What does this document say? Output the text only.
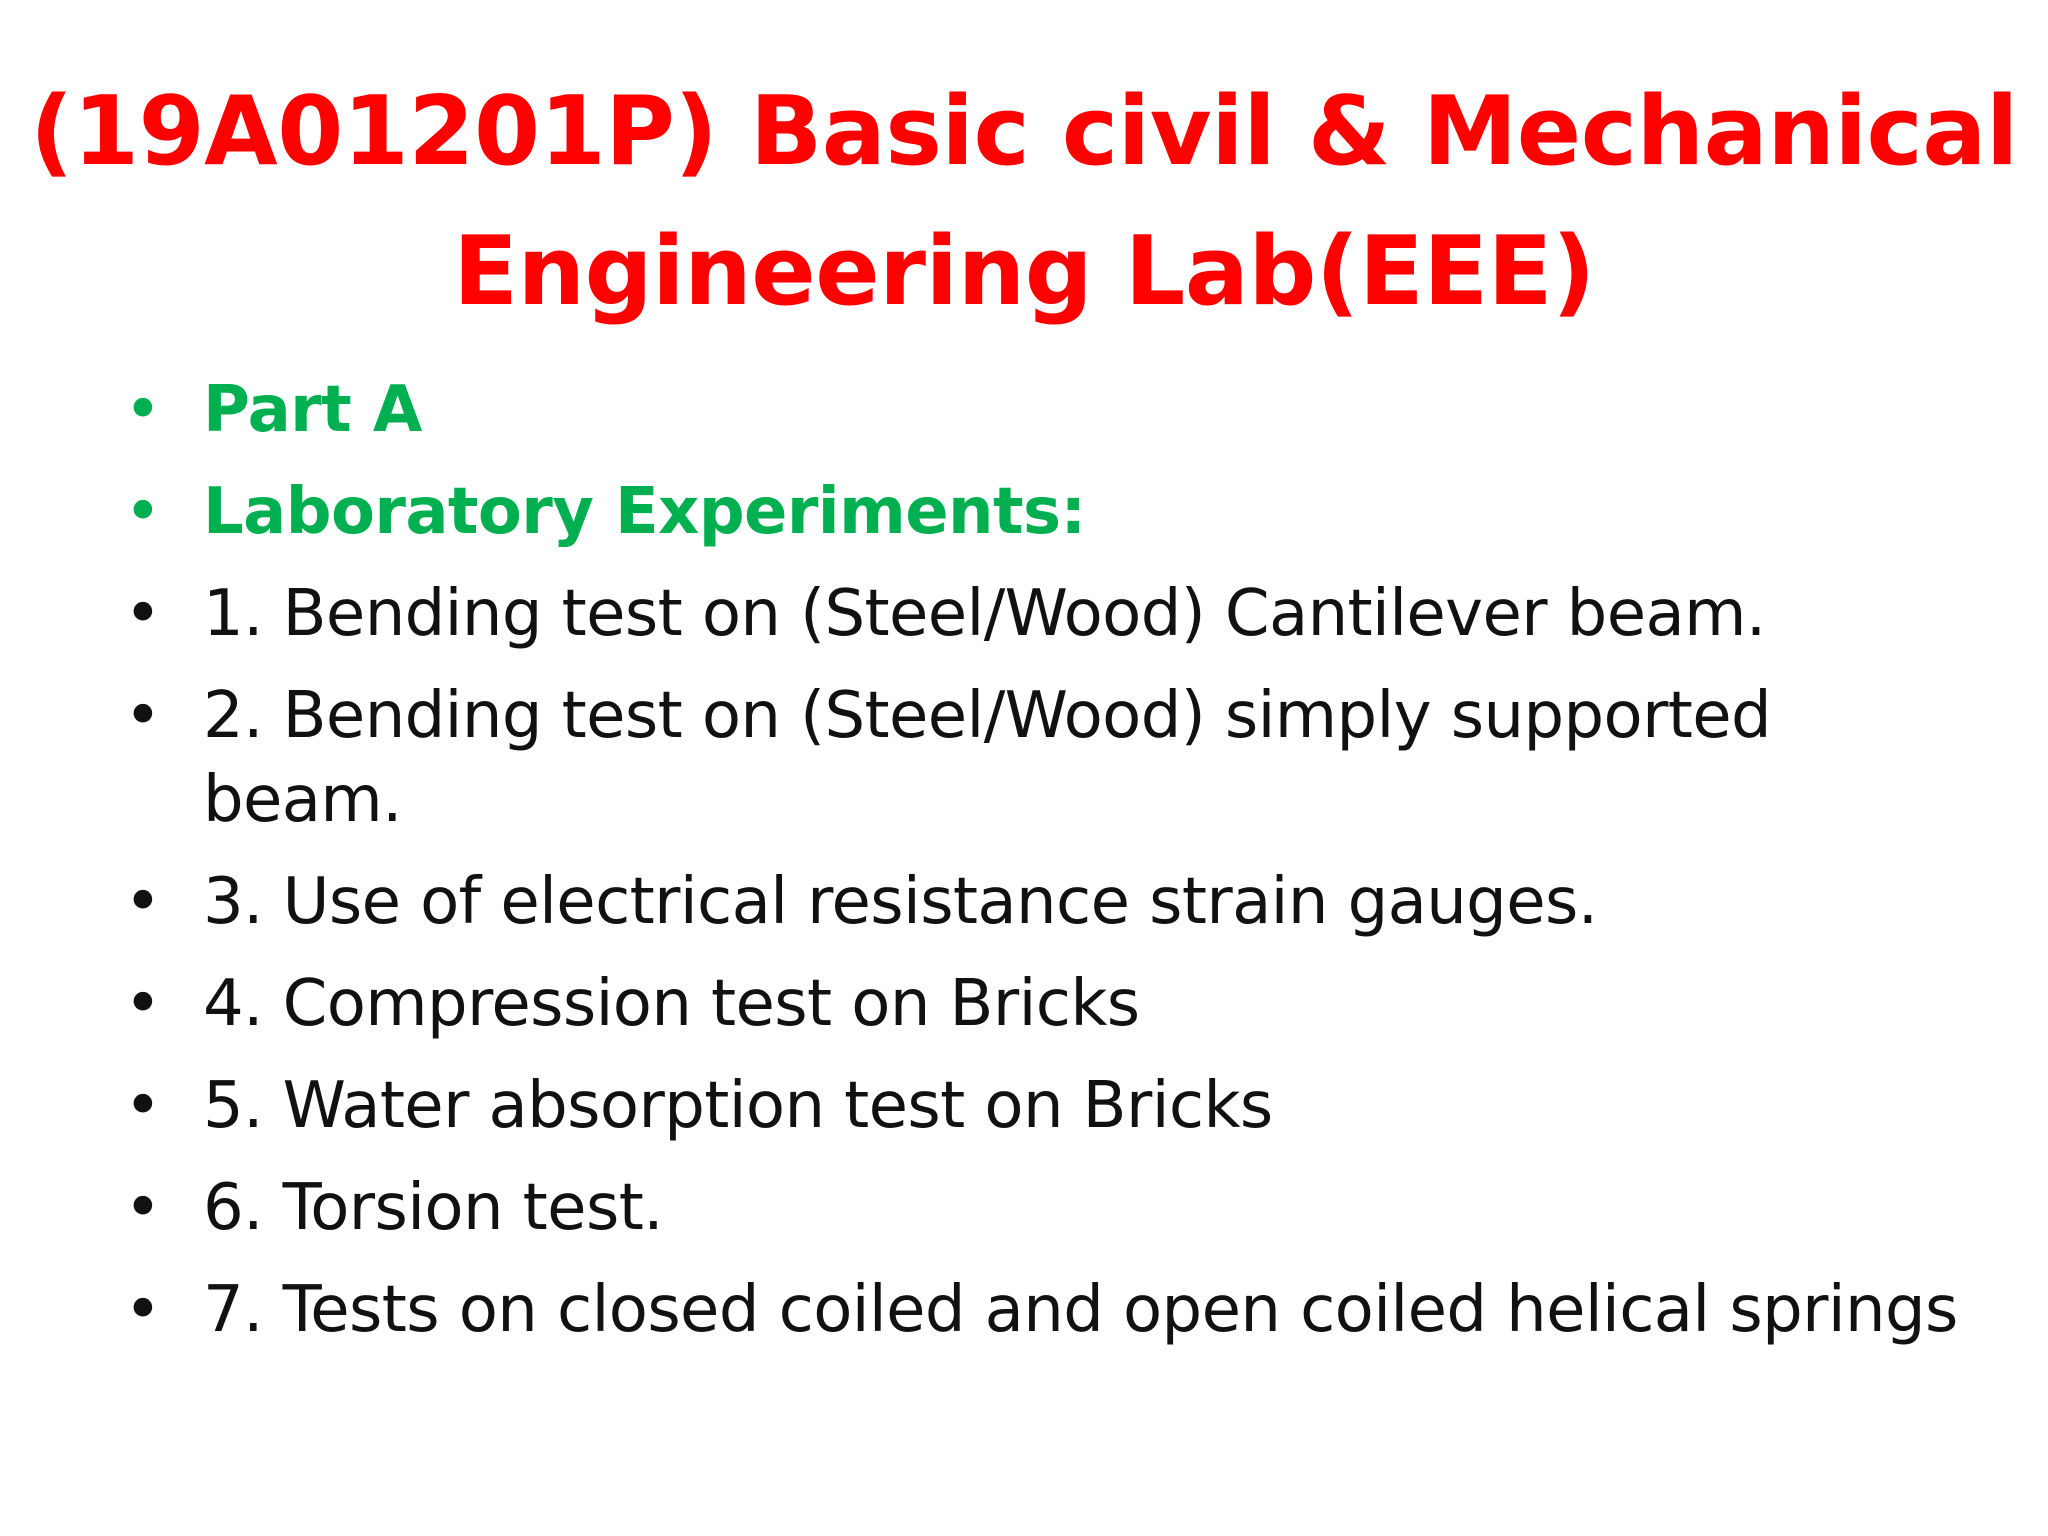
(19A01201P) Basic civil & Mechanical
Engineering Lab(EEE)
• Part A
• Laboratory Experiments:
• 1. Bending test on (Steel/Wood) Cantilever beam.
• 2. Bending test on (Steel/Wood) simply supported beam.
• 3. Use of electrical resistance strain gauges.
• 4. Compression test on Bricks
• 5. Water absorption test on Bricks
• 6. Torsion test.
• 7. Tests on closed coiled and open coiled helical springs
